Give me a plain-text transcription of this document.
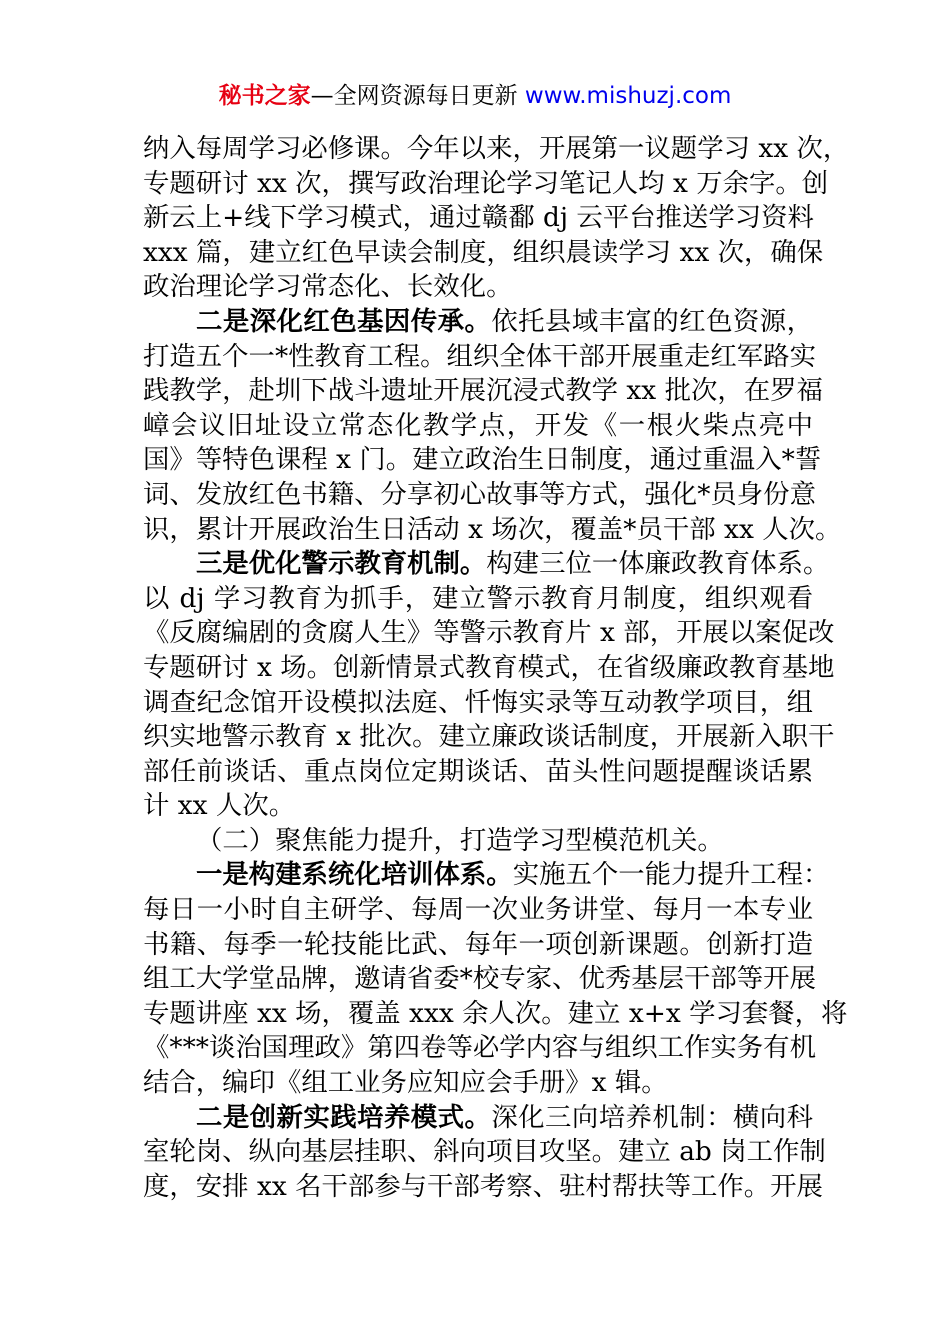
秘书之家—全网资源每日更新 www.mishuzj.com
纳入每周学习必修课。今年以来，开展第一议题学习 xx 次，
专题研讨 xx 次，撰写政治理论学习笔记人均 x 万余字。创
新云上+线下学习模式，通过赣鄱 dj 云平台推送学习资料
xxx 篇，建立红色早读会制度，组织晨读学习 xx 次，确保
政治理论学习常态化、长效化。
二是深化红色基因传承。依托县域丰富的红色资源，
打造五个一*性教育工程。组织全体干部开展重走红军路实
践教学，赴圳下战斗遗址开展沉浸式教学 xx 批次，在罗福
嶂会议旧址设立常态化教学点，开发《一根火柴点亮中
国》等特色课程 x 门。建立政治生日制度，通过重温入*誓
词、发放红色书籍、分享初心故事等方式，强化*员身份意
识，累计开展政治生日活动 x 场次，覆盖*员干部 xx 人次。
三是优化警示教育机制。构建三位一体廉政教育体系。
以 dj 学习教育为抓手，建立警示教育月制度，组织观看
《反腐编剧的贪腐人生》等警示教育片 x 部，开展以案促改
专题研讨 x 场。创新情景式教育模式，在省级廉政教育基地
调查纪念馆开设模拟法庭、忏悔实录等互动教学项目，组
织实地警示教育 x 批次。建立廉政谈话制度，开展新入职干
部任前谈话、重点岗位定期谈话、苗头性问题提醒谈话累
计 xx 人次。
（二）聚焦能力提升，打造学习型模范机关。
一是构建系统化培训体系。实施五个一能力提升工程：
每日一小时自主研学、每周一次业务讲堂、每月一本专业
书籍、每季一轮技能比武、每年一项创新课题。创新打造
组工大学堂品牌，邀请省委*校专家、优秀基层干部等开展
专题讲座 xx 场，覆盖 xxx 余人次。建立 x+x 学习套餐，将
《***谈治国理政》第四卷等必学内容与组织工作实务有机
结合，编印《组工业务应知应会手册》x 辑。
二是创新实践培养模式。深化三向培养机制：横向科
室轮岗、纵向基层挂职、斜向项目攻坚。建立 ab 岗工作制
度，安排 xx 名干部参与干部考察、驻村帮扶等工作。开展
